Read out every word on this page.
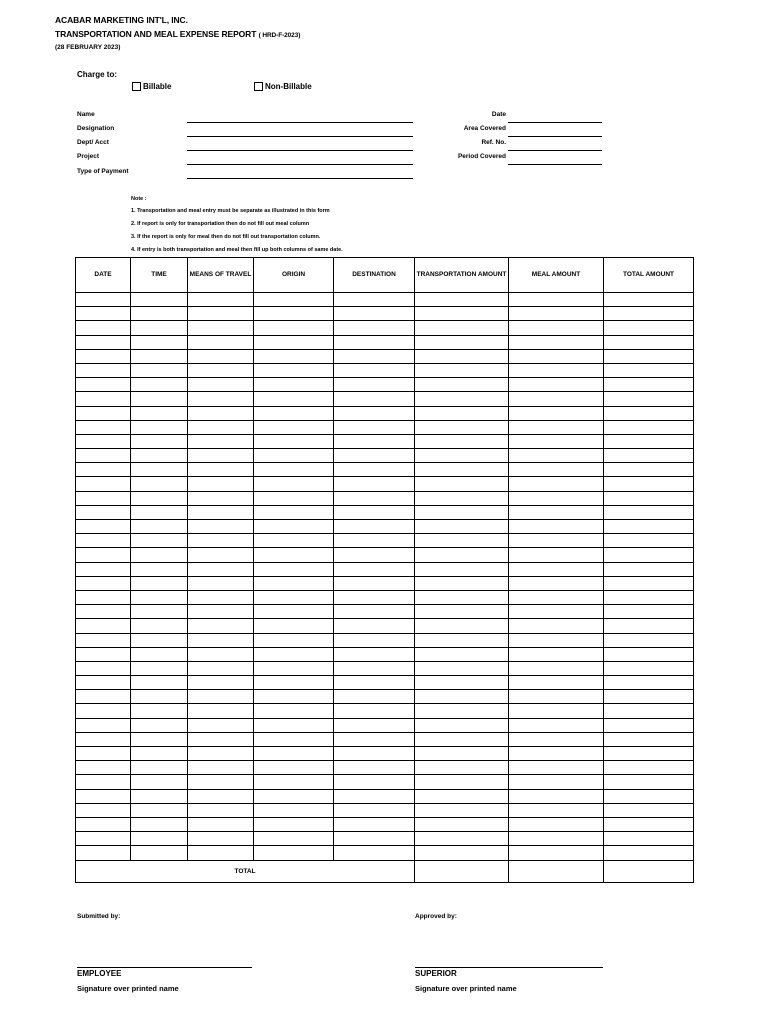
ACABAR MARKETING INT'L, INC.
TRANSPORTATION AND MEAL EXPENSE REPORT ( HRD-F-2023)
(28 FEBRUARY 2023)
Charge to:
Billable	Non-Billable
Name
Designation
Dept/ Acct
Project
Type of Payment
Date
Area Covered
Ref. No.
Period Covered
Note :
1. Transportation and meal entry must be separate as illustrated in this form
2. If report is only for transportation then do not fill out meal column
3. If the report is only for meal then do not fill out transportation column.
4. If entry is both transportation and meal then fill up both columns of same date.
DATE	TIME	MEANS OF TRAVEL	ORIGIN	DESTINATION	TRANSPORTATION AMOUNT	MEAL AMOUNT	TOTAL AMOUNT

TOTAL							
Submitted by:	Approved by:
EMPLOYEE	SUPERIOR
Signature over printed name	Signature over printed name
